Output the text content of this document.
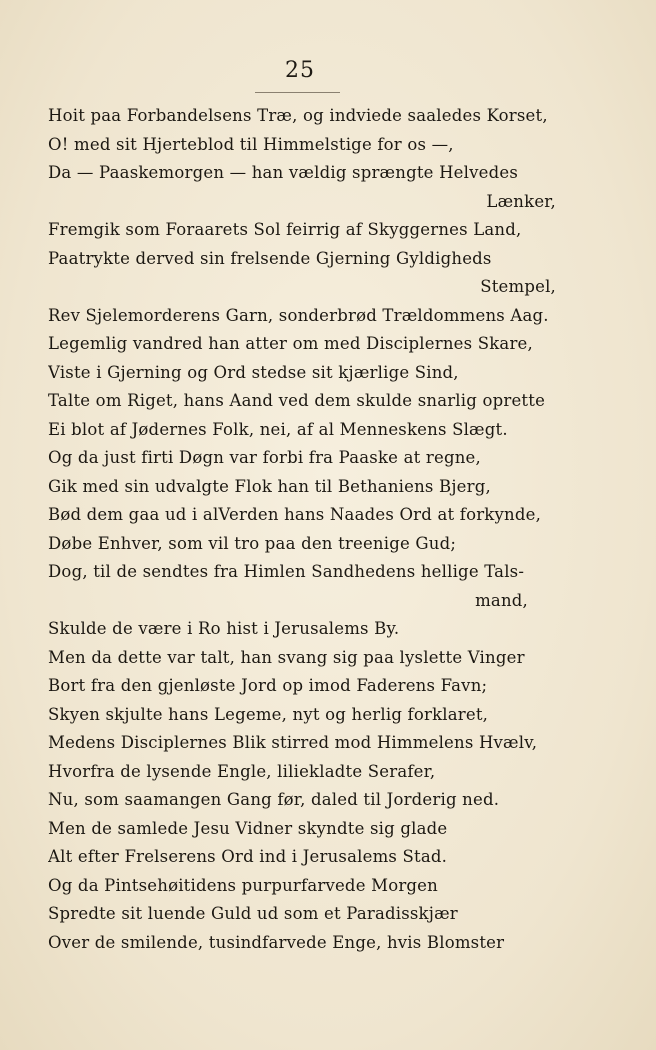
25
Hoit paa Forbandelsens Træ, og indviede saaledes Korset,
O! med sit Hjerteblod til Himmelstige for os —,
Da — Paaskemorgen — han vældig sprængte Helvedes
Lænker,
Fremgik som Foraarets Sol feirrig af Skyggernes Land,
Paatrykte derved sin frelsende Gjerning Gyldigheds
Stempel,
Rev Sjelemorderens Garn, sonderbrød Trældommens Aag.
Legemlig vandred han atter om med Disciplernes Skare,
Viste i Gjerning og Ord stedse sit kjærlige Sind,
Talte om Riget, hans Aand ved dem skulde snarlig oprette
Ei blot af Jødernes Folk, nei, af al Menneskens Slægt.
Og da just firti Døgn var forbi fra Paaske at regne,
Gik med sin udvalgte Flok han til Bethaniens Bjerg,
Bød dem gaa ud i alVerden hans Naades Ord at forkynde,
Døbe Enhver, som vil tro paa den treenige Gud;
Dog, til de sendtes fra Himlen Sandhedens hellige Tals-
mand,
Skulde de være i Ro hist i Jerusalems By.
Men da dette var talt, han svang sig paa lyslette Vinger
Bort fra den gjenløste Jord op imod Faderens Favn;
Skyen skjulte hans Legeme, nyt og herlig forklaret,
Medens Disciplernes Blik stirred mod Himmelens Hvælv,
Hvorfra de lysende Engle, liliekladte Serafer,
Nu, som saamangen Gang før, daled til Jorderig ned.
Men de samlede Jesu Vidner skyndte sig glade
Alt efter Frelserens Ord ind i Jerusalems Stad.
Og da Pintsehøitidens purpurfarvede Morgen
Spredte sit luende Guld ud som et Paradisskjær
Over de smilende, tusindfarvede Enge, hvis Blomster
